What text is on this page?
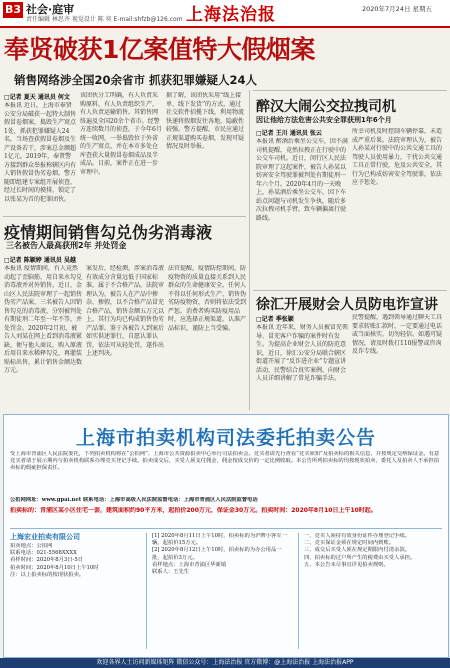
B3 社会·庭审
责任编辑 林思齐 视觉设计 陈 奕 E-mail:shfzb@126.com 上海法治报	2020年7月24日 星期五
奉贤破获1亿案值特大假烟案
销售网络涉全国20余省市 抓获犯罪嫌疑人24人
□记者 夏天 通讯员 何文
本报讯 近日，上海市奉贤公安分局破获一起特大制售假冒卷烟案，捣毁生产窝点1处，抓获犯罪嫌疑人24名，当场查获假冒卷烟及生产设备若干，涉案总金额超1亿元。2019年，奉贤警方接到群众举报称辖区内有人销售假冒伪劣卷烟。警方随即组建专案组开展侦查，经过长时间的摸排，锁定了以张某为首的犯罪团伙。
该团伙分工明确，有人负责采购原料，有人负责组织生产，有人负责运输销售。其销售网络遍及全国20余个省市。经警方连续数月的侦查，于今年6月统一收网，一举捣毁位于外省的生产窝点，并在本市多处仓库查获大量假冒卷烟成品及半成品。目前，案件正在进一步审理中。
据了解，该团伙采用“线上接单、线下发货”的方式，通过社交软件招揽下线，利用物流快递将假烟发往各地，隐蔽性较强。警方提醒，市民应通过正规渠道购买卷烟，发现可疑情况及时举报。
疫情期间销售勾兑伪劣消毒液
三名被告人最高获刑2年 并处罚金
□记者 陈颖婷 通讯员 吴越
本报讯 疫情期间，有人竟然动起了歪脑筋，用自来水勾兑消毒液并对外销售。近日，金山区人民法院审理了一起销售伪劣产品案，三名被告人因销售勾兑的消毒液，分别被判处有期徒刑二年至一年不等，并处罚金。2020年2月初，被告人刘某在网上看到消毒液紧缺，便与他人商议，购入原液后用自来水稀释勾兑，再灌装贴标出售，累计销售金额达数万元。
案发后，经检测，涉案消毒液有效成分含量远低于国家标准，属于不合格产品。法院审理认为，被告人在产品中掺杂、掺假，以不合格产品冒充合格产品，销售金额五万元以上，其行为均已构成销售伪劣产品罪。鉴于各被告人到案后如实供述罪行，自愿认罪认罚，依法可从轻处罚，遂作出上述判决。
法官提醒，疫情防控期间，防疫物资的质量直接关系到人民群众的生命健康安全。任何人不得以任何形式生产、销售伪劣防疫物资，否则将依法受到严惩。消费者购买防疫用品时，应选择正规渠道，认准产品标识，谨防上当受骗。
醉汉大闹公交拉拽司机
因让他给方法危害公共安全罪获刑1年6个月
□记者 王川 通讯员 张云
本报讯 醉酒后乘坐公交车，因不满司机提醒，竟然拉拽正在行驶中的公交车司机。近日，闵行区人民法院审理了这起案件，被告人孙某以妨害安全驾驶罪被判处有期徒刑一年六个月。2020年4月的一天晚上，孙某酒后乘坐公交车，因下车站点问题与司机发生争执，随后多次拉拽司机手臂，致车辆偏离行驶路线。
所幸司机及时控制车辆停靠，未造成严重后果。法院审理认为，被告人孙某对行驶中的公共交通工具的驾驶人员使用暴力，干扰公共交通工具正常行驶，危及公共安全，其行为已构成妨害安全驾驶罪，依法应予惩处。
徐汇开展财会人员防电诈宣讲
□记者 季张颖
本报讯 近年来，财务人员被冒充领导、冒充客户诈骗的案件时有发生。为提高企业财会人员的防范意识，近日，徐汇公安分局联合辖区街道开展了“反诈进企业”专题宣讲活动，民警结合真实案例，向财会人员详细讲解了常见诈骗手法。
民警提醒，遇到领导通过聊天工具要求转账汇款时，一定要通过电话或当面核实，切勿轻信。如遇可疑情况，请及时拨打110报警或咨询反诈专线。
上海市拍卖机构司法委托拍卖公告
受上海市青浦区人民法院委托，下列拍卖机构将在“公拍网”、上海市公共资源拍卖中心举行司法拍卖会。竞买者请先行查看“竞买须知”及拍卖标的相关信息，并按规定交纳保证金。有意竞买者请于展示期内与拍卖机构联系办理竞买登记手续。拍卖成交后，买受人须支付佣金，佣金按成交价的一定比例收取。本公告所列拍卖标的均按现状拍卖，委托人及拍卖人不承担拍卖标的瑕疵担保责任。
公拍网网址：www.gpai.net 联系电话：上海市高级人民法院监督电话：上海市青浦区人民法院监督电话
拍卖标的：青浦区某小区住宅一套，建筑面积约90平方米，起拍价200万元，保证金30万元。拍卖时间：2020年8月10日上午10时起。
上海宏业拍卖有限公司
拍卖地点：公拍网
联系电话：021-5568XXXX
看样时间：2020年8月3日-5日
拍卖时间：2020年8月10日上午10时
注：以上拍卖标的按现状拍卖。
[1] 2020年8月11日上午10时，拍卖标的为沪牌小客车一辆，起拍价15万元。
[2] 2020年8月12日上午10时，拍卖标的为办公用品一批，起拍价3万元。
看样地点：上海市青浦区华新镇
联系人：王先生
一、竞买人须持有效身份证件办理登记手续。
二、竞买保证金须在规定时间内到账。
三、成交后买受人须在规定期限内付清余款。
四、拍卖标的过户所产生的税费由买受人承担。
五、本公告未尽事宜详见拍卖规则。
欢迎各界人士访问新媒体矩阵 微信公众号：上海法治报 官方微博：@上海法治报 上海法治报APP
